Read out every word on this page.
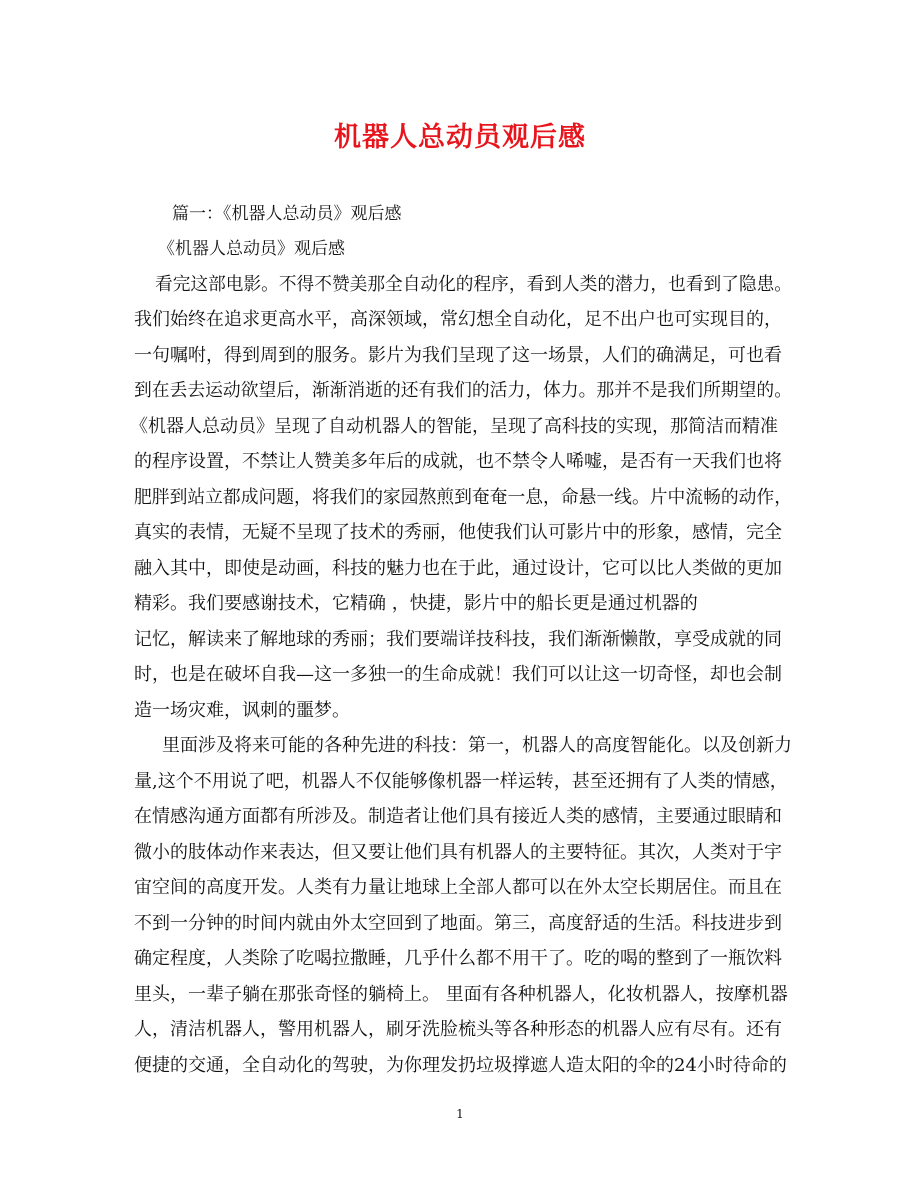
机器人总动员观后感
篇一：《机器人总动员》观后感
《机器人总动员》观后感
看完这部电影。不得不赞美那全自动化的程序，看到人类的潜力，也看到了隐患。
我们始终在追求更高水平，高深领域，常幻想全自动化，足不出户也可实现目的，
一句嘱咐，得到周到的服务。影片为我们呈现了这一场景，人们的确满足，可也看
到在丢去运动欲望后，渐渐消逝的还有我们的活力，体力。那并不是我们所期望的。
《机器人总动员》呈现了自动机器人的智能，呈现了高科技的实现，那简洁而精准
的程序设置，不禁让人赞美多年后的成就，也不禁令人唏嘘，是否有一天我们也将
肥胖到站立都成问题，将我们的家园熬煎到奄奄一息，命悬一线。片中流畅的动作，
真实的表情，无疑不呈现了技术的秀丽，他使我们认可影片中的形象，感情，完全
融入其中，即使是动画，科技的魅力也在于此，通过设计，它可以比人类做的更加
精彩。我们要感谢技术，它精确 ，快捷，影片中的船长更是通过机器的
记忆，解读来了解地球的秀丽；我们要端详技科技，我们渐渐懒散，享受成就的同
时，也是在破坏自我—这一多独一的生命成就！我们可以让这一切奇怪，却也会制
造一场灾难，讽刺的噩梦。
里面涉及将来可能的各种先进的科技：第一，机器人的高度智能化。以及创新力
量,这个不用说了吧，机器人不仅能够像机器一样运转，甚至还拥有了人类的情感，
在情感沟通方面都有所涉及。制造者让他们具有接近人类的感情，主要通过眼睛和
微小的肢体动作来表达，但又要让他们具有机器人的主要特征。其次，人类对于宇
宙空间的高度开发。人类有力量让地球上全部人都可以在外太空长期居住。而且在
不到一分钟的时间内就由外太空回到了地面。第三，高度舒适的生活。科技进步到
确定程度，人类除了吃喝拉撒睡，几乎什么都不用干了。吃的喝的整到了一瓶饮料
里头，一辈子躺在那张奇怪的躺椅上。 里面有各种机器人，化妆机器人，按摩机器
人，清洁机器人，警用机器人，刷牙洗脸梳头等各种形态的机器人应有尽有。还有
便捷的交通，全自动化的驾驶，为你理发扔垃圾撑遮人造太阳的伞的24小时待命的
1
